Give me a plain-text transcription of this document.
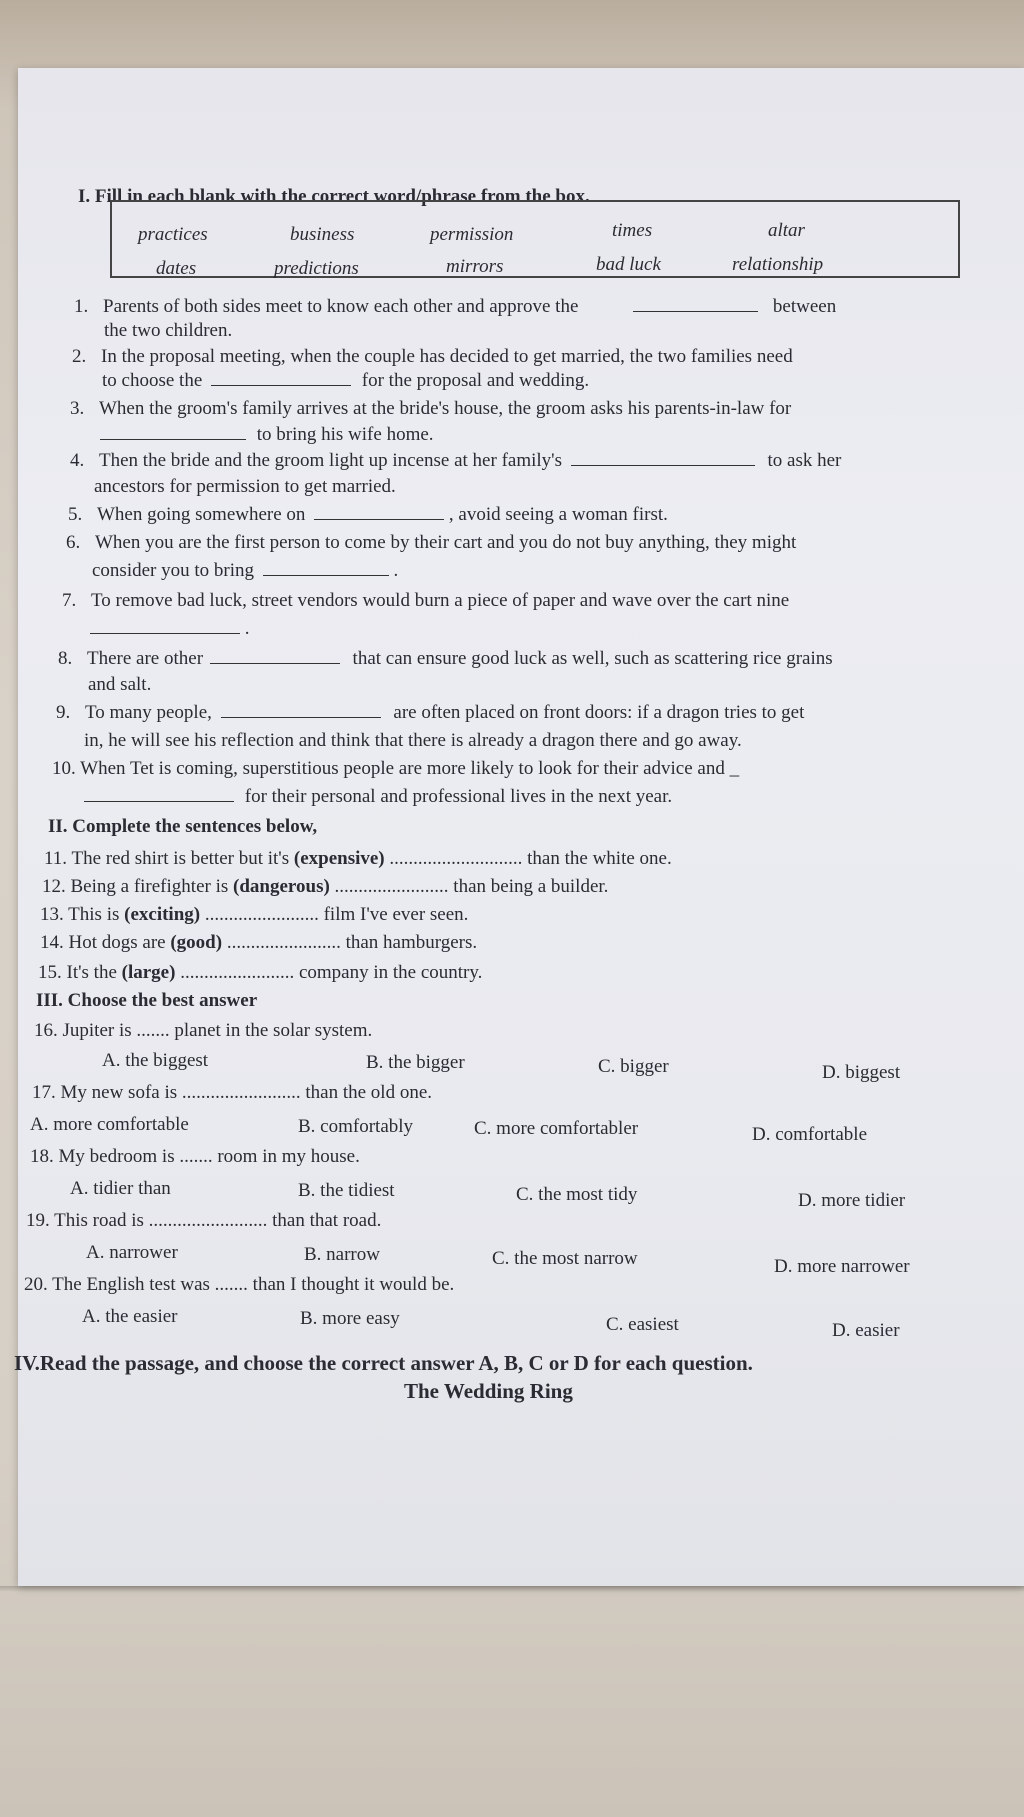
I. Fill in each blank with the correct word/phrase from the box.
practices	business	permission	times	altar
dates	predictions	mirrors	bad luck	relationship
1. Parents of both sides meet to know each other and approve the	between
the two children.
2. In the proposal meeting, when the couple has decided to get married, the two families need
to choose the	for the proposal and wedding.
3. When the groom's family arrives at the bride's house, the groom asks his parents-in-law for
to bring his wife home.
4. Then the bride and the groom light up incense at her family's	to ask her
ancestors for permission to get married.
5. When going somewhere on	, avoid seeing a woman first.
6. When you are the first person to come by their cart and you do not buy anything, they might
consider you to bring	.
7. To remove bad luck, street vendors would burn a piece of paper and wave over the cart nine
.
8. There are other	that can ensure good luck as well, such as scattering rice grains
and salt.
9. To many people,	are often placed on front doors: if a dragon tries to get
in, he will see his reflection and think that there is already a dragon there and go away.
10. When Tet is coming, superstitious people are more likely to look for their advice and _
for their personal and professional lives in the next year.
II. Complete the sentences below,
11. The red shirt is better but it's (expensive) ............................ than the white one.
12. Being a firefighter is (dangerous) ........................ than being a builder.
13. This is (exciting) ........................ film I've ever seen.
14. Hot dogs are (good) ........................ than hamburgers.
15. It's the (large) ........................ company in the country.
III. Choose the best answer
16. Jupiter is ....... planet in the solar system.
A. the biggest	B. the bigger	C. bigger	D. biggest
17. My new sofa is ......................... than the old one.
A. more comfortable	B. comfortably	C. more comfortabler	D. comfortable
18. My bedroom is ....... room in my house.
A. tidier than	B. the tidiest	C. the most tidy	D. more tidier
19. This road is ......................... than that road.
A. narrower	B. narrow	C. the most narrow	D. more narrower
20. The English test was ....... than I thought it would be.
A. the easier	B. more easy	C. easiest	D. easier
IV.Read the passage, and choose the correct answer A, B, C or D for each question.
The Wedding Ring
